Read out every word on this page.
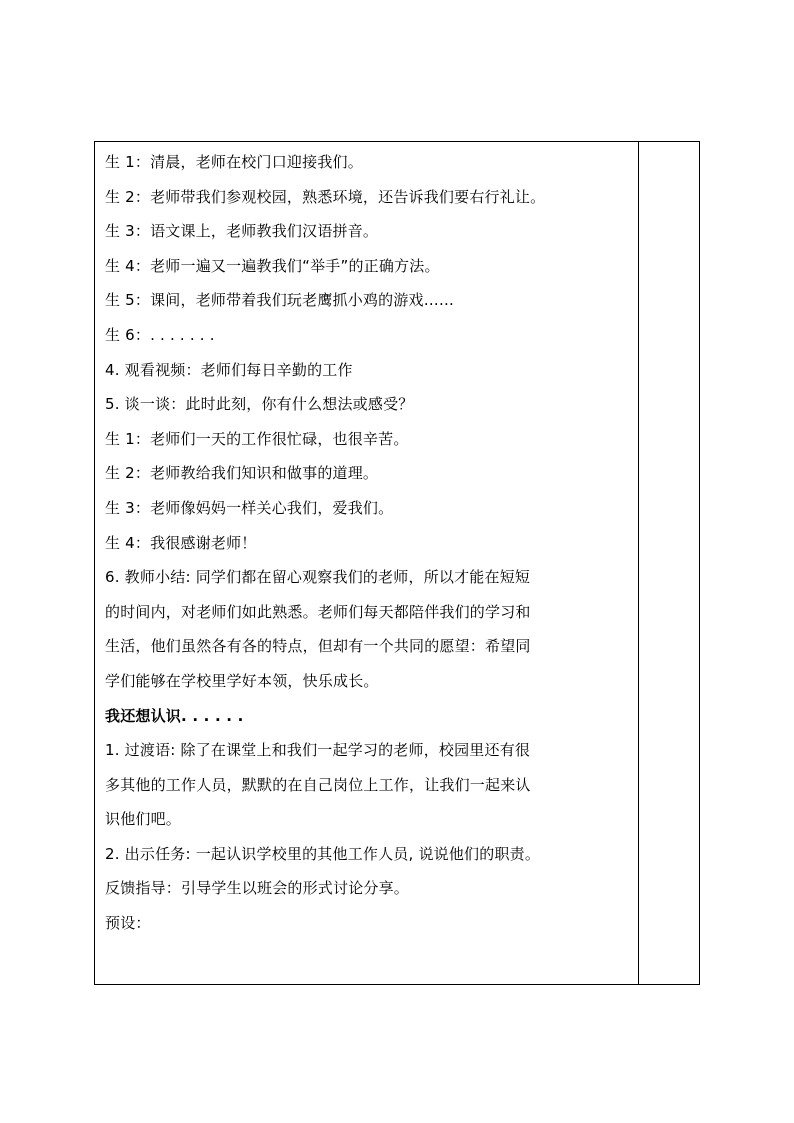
生 1：清晨，老师在校门口迎接我们。
生 2：老师带我们参观校园，熟悉环境，还告诉我们要右行礼让。
生 3：语文课上，老师教我们汉语拼音。
生 4：老师一遍又一遍教我们“举手”的正确方法。
生 5：课间，老师带着我们玩老鹰抓小鸡的游戏……
生 6：. . . . . . .
4. 观看视频：老师们每日辛勤的工作
5. 谈一谈：此时此刻，你有什么想法或感受？
生 1：老师们一天的工作很忙碌，也很辛苦。
生 2：老师教给我们知识和做事的道理。
生 3：老师像妈妈一样关心我们，爱我们。
生 4：我很感谢老师！
6. 教师小结: 同学们都在留心观察我们的老师，所以才能在短短
的时间内，对老师们如此熟悉。老师们每天都陪伴我们的学习和
生活，他们虽然各有各的特点，但却有一个共同的愿望：希望同
学们能够在学校里学好本领，快乐成长。
我还想认识. . . . . .
1. 过渡语: 除了在课堂上和我们一起学习的老师，校园里还有很
多其他的工作人员，默默的在自己岗位上工作，让我们一起来认
识他们吧。
2. 出示任务: 一起认识学校里的其他工作人员, 说说他们的职责。
反馈指导：引导学生以班会的形式讨论分享。
预设：
